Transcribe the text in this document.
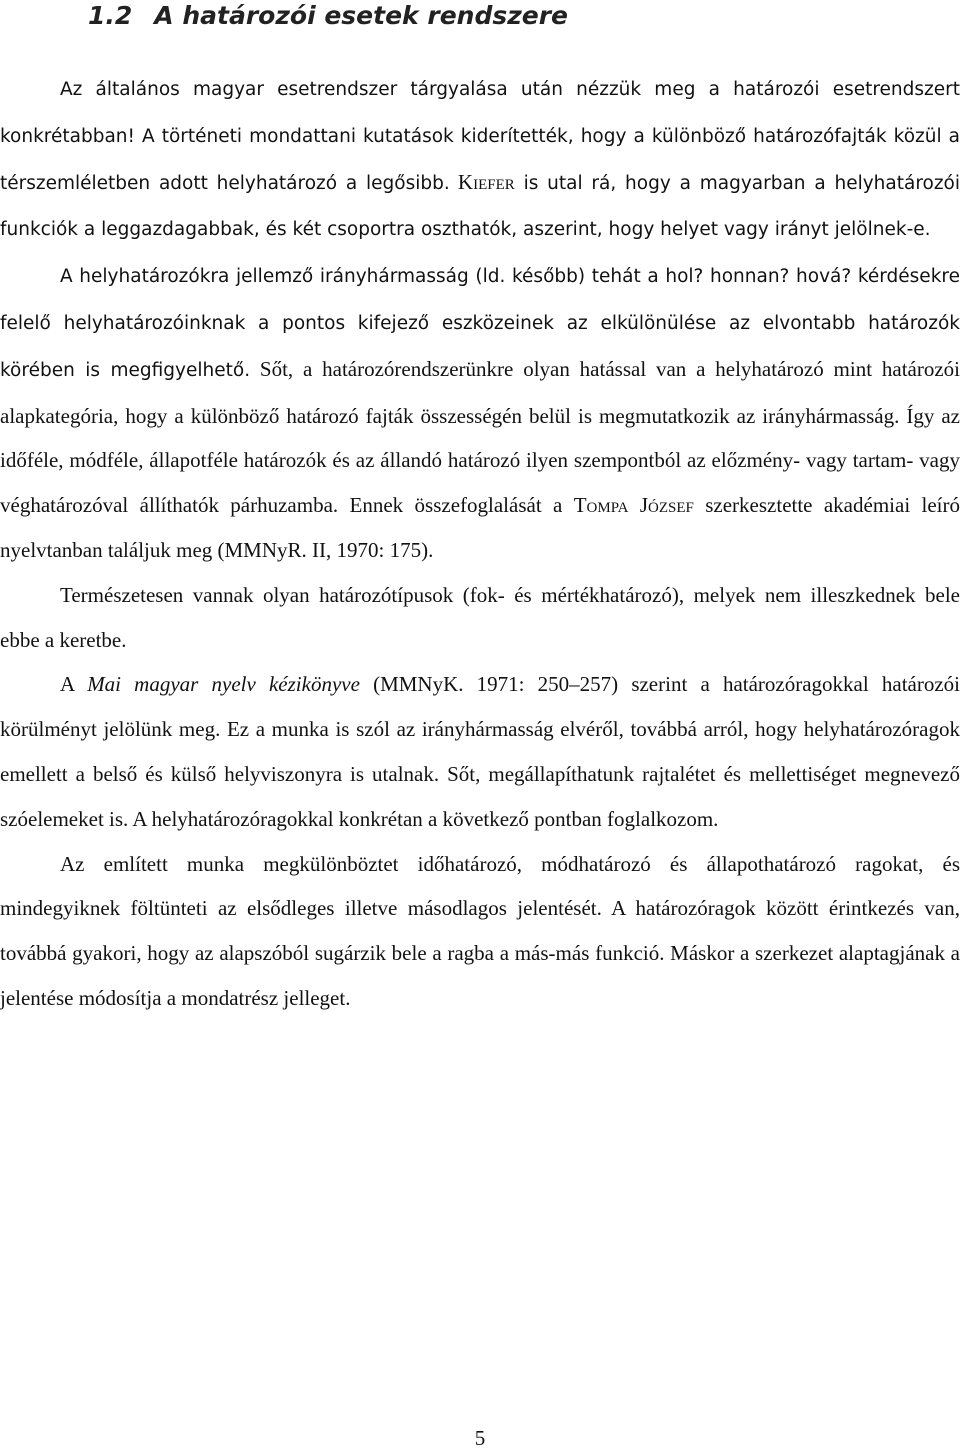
1.2 A határozói esetek rendszere

Az általános magyar esetrendszer tárgyalása után nézzük meg a határozói esetrendszert konkrétabban! A történeti mondattani kutatások kiderítették, hogy a különböző határozófajták közül a térszemléletben adott helyhatározó a legősibb. Kiefer is utal rá, hogy a magyarban a helyhatározói funkciók a leggazdagabbak, és két csoportra oszthatók, aszerint, hogy helyet vagy irányt jelölnek-e.

A helyhatározókra jellemző irányhármasság (ld. később) tehát a hol? honnan? hová? kérdésekre felelő helyhatározóinknak a pontos kifejező eszközeinek az elkülönülése az elvontabb határozók körében is megfigyelhető. Sőt, a határozórendszerünkre olyan hatással van a helyhatározó mint határozói alapkategória, hogy a különböző határozó fajták összességén belül is megmutatkozik az irányhármasság. Így az időféle, módféle, állapotféle határozók és az állandó határozó ilyen szempontból az előzmény- vagy tartam- vagy véghatározóval állíthatók párhuzamba. Ennek összefoglalását a Tompa József szerkesztette akadémiai leíró nyelvtanban találjuk meg (MMNyR. II, 1970: 175).

Természetesen vannak olyan határozótípusok (fok- és mértékhatározó), melyek nem illeszkednek bele ebbe a keretbe.

A Mai magyar nyelv kézikönyve (MMNyK. 1971: 250–257) szerint a határozóragokkal határozói körülményt jelölünk meg. Ez a munka is szól az irányhármasság elvéről, továbbá arról, hogy helyhatározóragok emellett a belső és külső helyviszonyra is utalnak. Sőt, megállapíthatunk rajtalétet és mellettiséget megnevező szóelemeket is. A helyhatározóragokkal konkrétan a következő pontban foglalkozom.

Az említett munka megkülönböztet időhatározó, módhatározó és állapothatározó ragokat, és mindegyiknek föltünteti az elsődleges illetve másodlagos jelentését. A határozóragok között érintkezés van, továbbá gyakori, hogy az alapszóból sugárzik bele a ragba a más-más funkció. Máskor a szerkezet alaptagjának a jelentése módosítja a mondatrész jelleget.

5
